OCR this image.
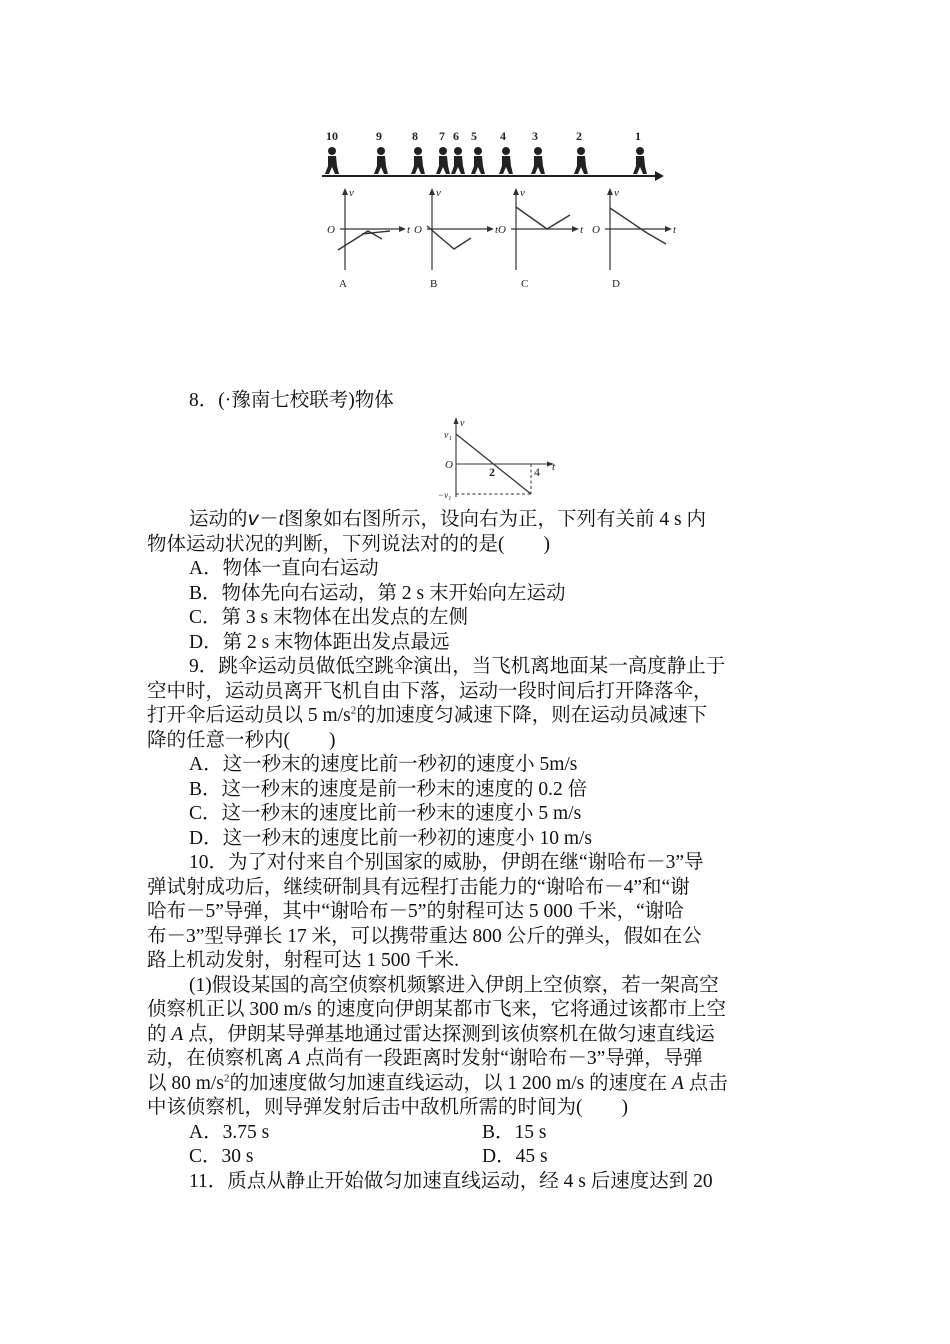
10	9	8 7 6 5 4 3	2	1
v
O	t
A
v
O	t
B
v
O	t
C
v
O	t
D
8．(·豫南七校联考)物体
v
v₁
O	2	4 t
−v₁
运动的v－t图象如右图所示，设向右为正，下列有关前 4 s 内
物体运动状况的判断，下列说法对的的是(　　)
A．物体一直向右运动
B．物体先向右运动，第 2 s 末开始向左运动
C．第 3 s 末物体在出发点的左侧
D．第 2 s 末物体距出发点最远
9．跳伞运动员做低空跳伞演出，当飞机离地面某一高度静止于
空中时，运动员离开飞机自由下落，运动一段时间后打开降落伞，
打开伞后运动员以 5 $m/s^2$的加速度匀减速下降，则在运动员减速下
降的任意一秒内(　　)
A．这一秒末的速度比前一秒初的速度小 5m/s
B．这一秒末的速度是前一秒末的速度的 0.2 倍
C．这一秒末的速度比前一秒末的速度小 5 m/s
D．这一秒末的速度比前一秒初的速度小 10 m/s
10．为了对付来自个别国家的威胁，伊朗在继“谢哈布－3”导
弹试射成功后，继续研制具有远程打击能力的“谢哈布－4”和“谢
哈布－5”导弹，其中“谢哈布－5”的射程可达 5 000 千米，“谢哈
布－3”型导弹长 17 米，可以携带重达 800 公斤的弹头，假如在公
路上机动发射，射程可达 1 500 千米.
(1)假设某国的高空侦察机频繁进入伊朗上空侦察，若一架高空
侦察机正以 300 m/s 的速度向伊朗某都市飞来，它将通过该都市上空
的 A 点，伊朗某导弹基地通过雷达探测到该侦察机在做匀速直线运
动，在侦察机离 A 点尚有一段距离时发射“谢哈布－3”导弹，导弹
以 80 $m/s^2$的加速度做匀加速直线运动，以 1 200 m/s 的速度在 A 点击
中该侦察机，则导弹发射后击中敌机所需的时间为(　　)
A．3.75 s	B．15 s
C．30 s	D．45 s
11．质点从静止开始做匀加速直线运动，经 4 s 后速度达到 20
